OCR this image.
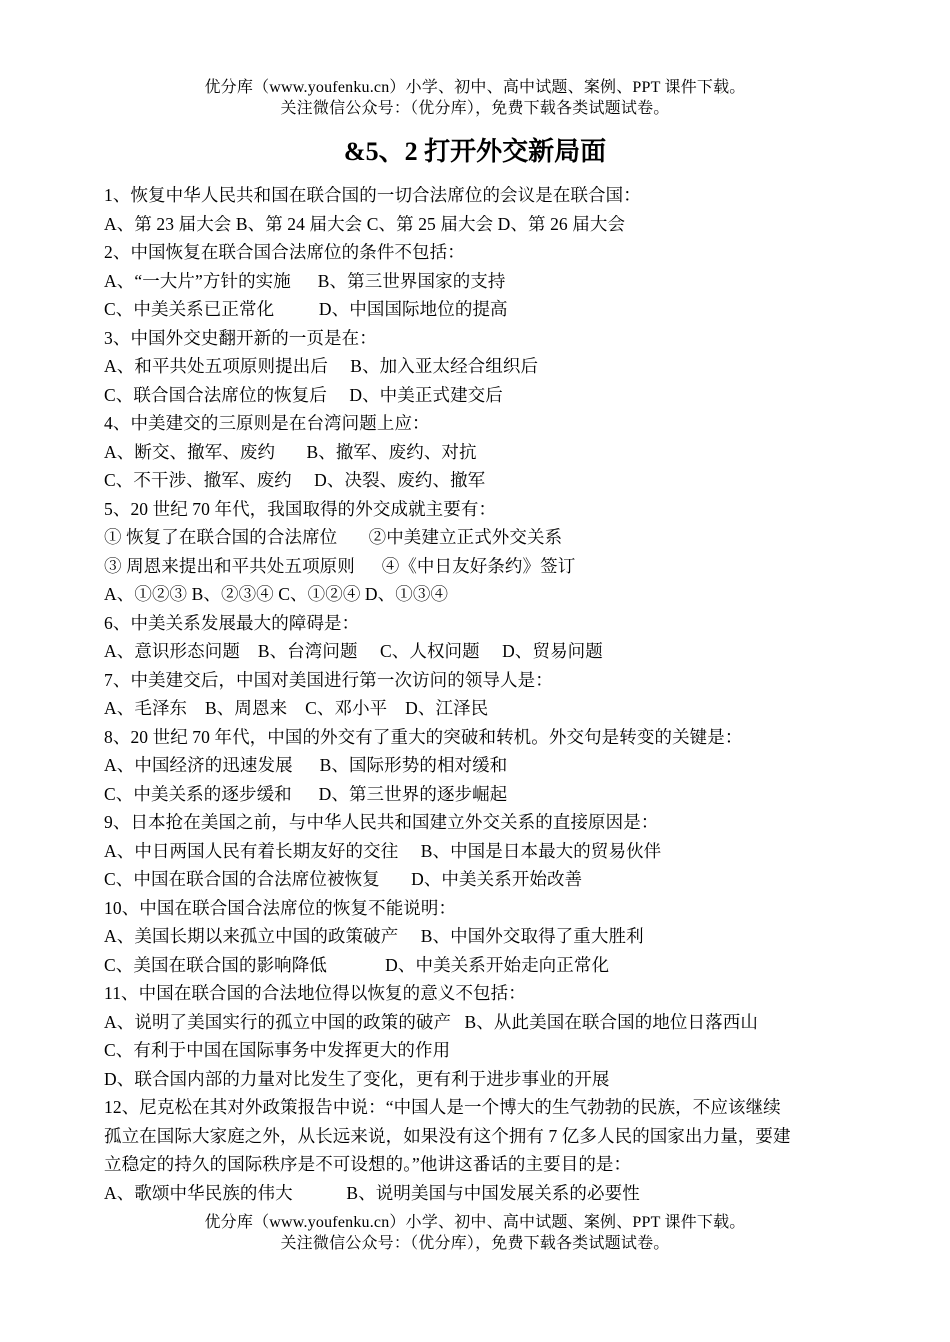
优分库（www.youfenku.cn）小学、初中、高中试题、案例、PPT 课件下载。
关注微信公众号：（优分库），免费下载各类试题试卷。
&5、2 打开外交新局面
1、恢复中华人民共和国在联合国的一切合法席位的会议是在联合国：
A、第 23 届大会 B、第 24 届大会 C、第 25 届大会 D、第 26 届大会
2、中国恢复在联合国合法席位的条件不包括：
A、“一大片”方针的实施      B、第三世界国家的支持
C、中美关系已正常化          D、中国国际地位的提高
3、中国外交史翻开新的一页是在：
A、和平共处五项原则提出后     B、加入亚太经合组织后
C、联合国合法席位的恢复后     D、中美正式建交后
4、中美建交的三原则是在台湾问题上应：
A、断交、撤军、废约       B、撤军、废约、对抗
C、不干涉、撤军、废约     D、决裂、废约、撤军
5、20 世纪 70 年代，我国取得的外交成就主要有：
① 恢复了在联合国的合法席位       ②中美建立正式外交关系
③ 周恩来提出和平共处五项原则      ④《中日友好条约》签订
A、①②③ B、②③④ C、①②④ D、①③④
6、中美关系发展最大的障碍是：
A、意识形态问题    B、台湾问题     C、人权问题     D、贸易问题
7、中美建交后，中国对美国进行第一次访问的领导人是：
A、毛泽东    B、周恩来    C、邓小平    D、江泽民
8、20 世纪 70 年代，中国的外交有了重大的突破和转机。外交句是转变的关键是：
A、中国经济的迅速发展      B、国际形势的相对缓和
C、中美关系的逐步缓和      D、第三世界的逐步崛起
9、日本抢在美国之前，与中华人民共和国建立外交关系的直接原因是：
A、中日两国人民有着长期友好的交往     B、中国是日本最大的贸易伙伴
C、中国在联合国的合法席位被恢复       D、中美关系开始改善
10、中国在联合国合法席位的恢复不能说明：
A、美国长期以来孤立中国的政策破产     B、中国外交取得了重大胜利
C、美国在联合国的影响降低             D、中美关系开始走向正常化
11、中国在联合国的合法地位得以恢复的意义不包括：
A、说明了美国实行的孤立中国的政策的破产   B、从此美国在联合国的地位日落西山
C、有利于中国在国际事务中发挥更大的作用
D、联合国内部的力量对比发生了变化，更有利于进步事业的开展
12、尼克松在其对外政策报告中说：“中国人是一个博大的生气勃勃的民族，不应该继续
孤立在国际大家庭之外，从长远来说，如果没有这个拥有 7 亿多人民的国家出力量，要建
立稳定的持久的国际秩序是不可设想的。”他讲这番话的主要目的是：
A、歌颂中华民族的伟大            B、说明美国与中国发展关系的必要性
优分库（www.youfenku.cn）小学、初中、高中试题、案例、PPT 课件下载。
关注微信公众号：（优分库），免费下载各类试题试卷。
